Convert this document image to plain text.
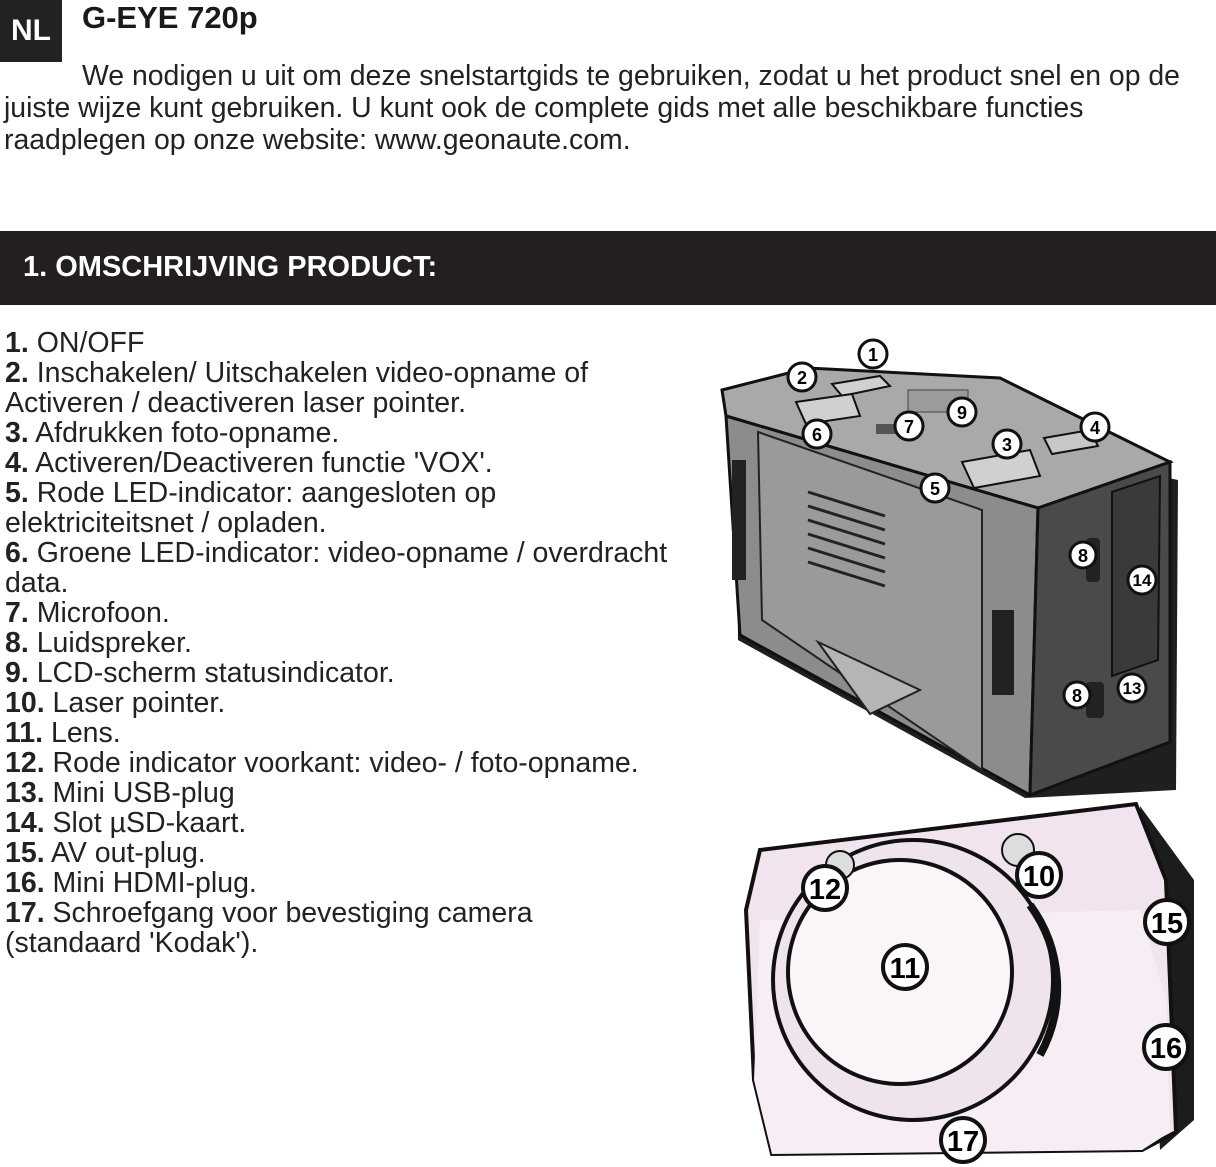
NL	G-EYE 720p

We nodigen u uit om deze snelstartgids te gebruiken, zodat u het product snel en op de juiste wijze kunt gebruiken. U kunt ook de complete gids met alle beschikbare functies raadplegen op onze website: www.geonaute.com.

1. OMSCHRIJVING PRODUCT:
1. ON/OFF
2. Inschakelen/ Uitschakelen video-opname of Activeren / deactiveren laser pointer.
3. Afdrukken foto-opname.
4. Activeren/Deactiveren functie 'VOX'.
5. Rode LED-indicator: aangesloten op elektriciteitsnet / opladen.
6. Groene LED-indicator: video-opname / overdracht data.
7. Microfoon.
8. Luidspreker.
9. LCD-scherm statusindicator.
10. Laser pointer.
11. Lens.
12. Rode indicator voorkant: video- / foto-opname.
13. Mini USB-plug
14. Slot µSD-kaart.
15. AV out-plug.
16. Mini HDMI-plug.
17. Schroefgang voor bevestiging camera (standaard 'Kodak').
1
2
9
7
6	4
3
5
8
14
8 13
12	10
11
15
16
17
